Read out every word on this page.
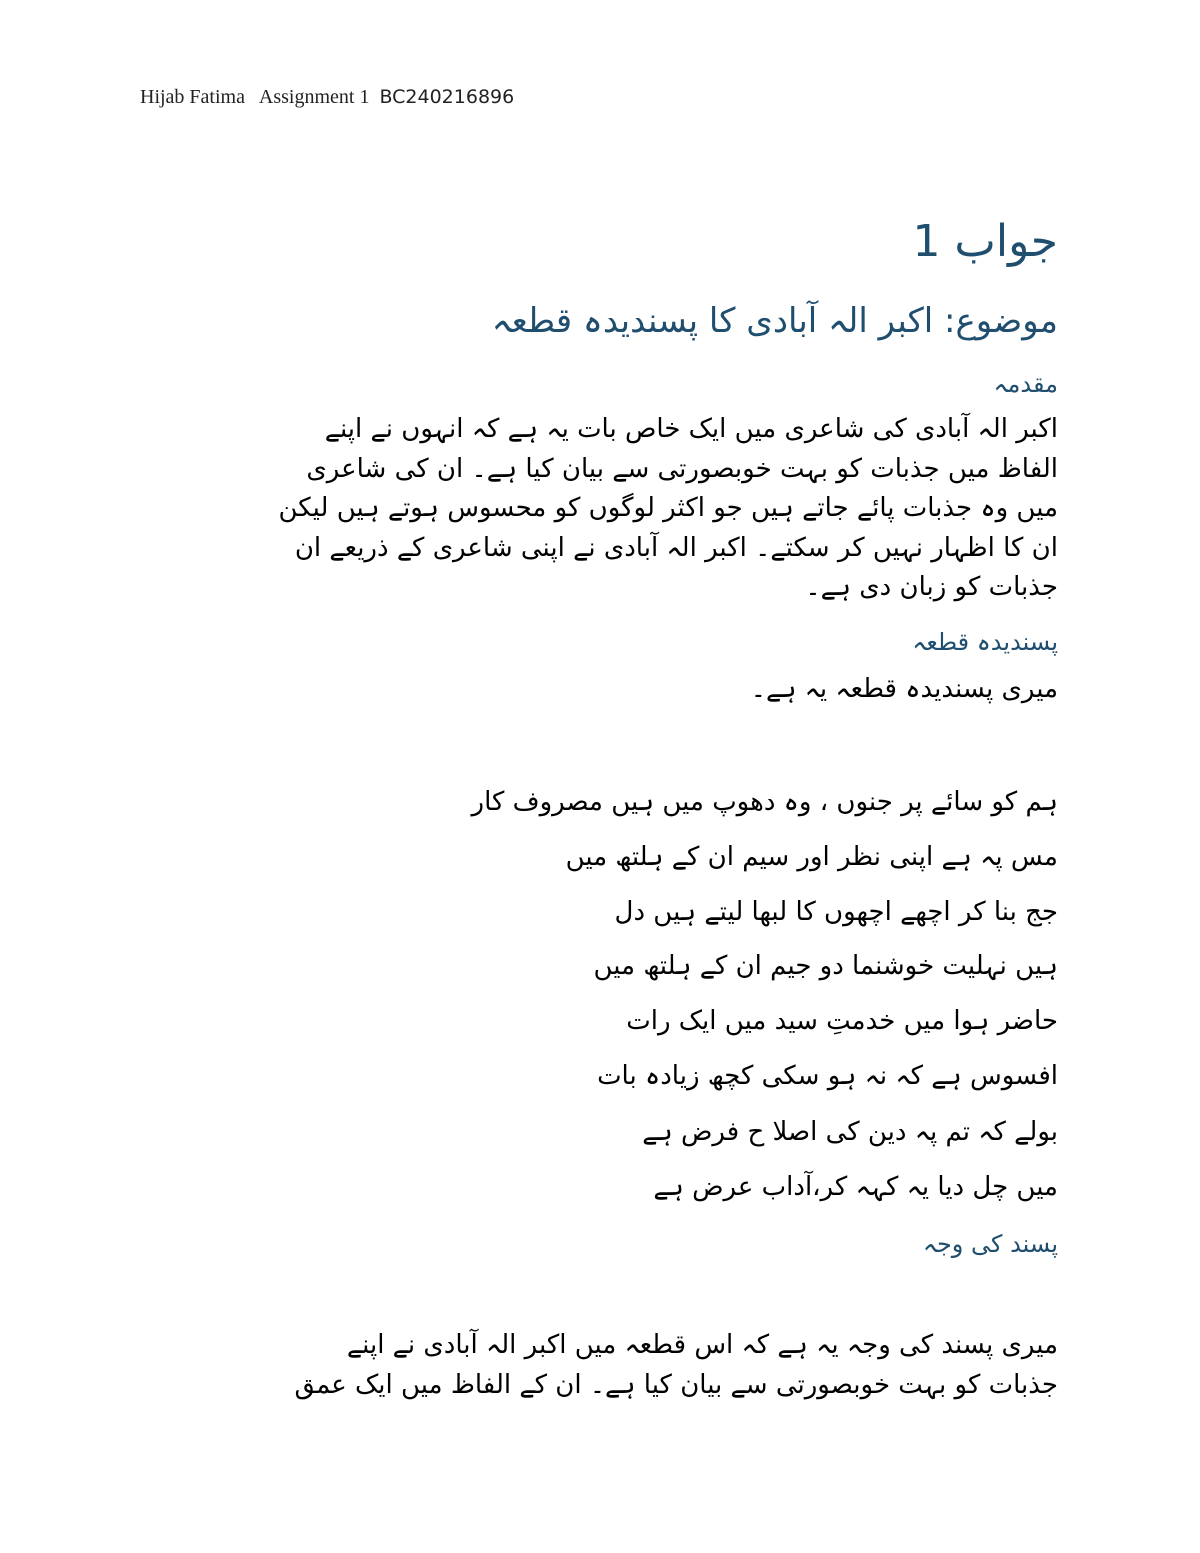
Hijab Fatima Assignment 1 BC240216896
جواب 1
موضوع: اکبر الہ آبادی کا پسندیدہ قطعہ
مقدمہ
اکبر الہ آبادی کی شاعری میں ایک خاص بات یہ ہے کہ انہوں نے اپنے
الفاظ میں جذبات کو بہت خوبصورتی سے بیان کیا ہے۔ ان کی شاعری
میں وہ جذبات پائے جاتے ہیں جو اکثر لوگوں کو محسوس ہوتے ہیں لیکن
ان کا اظہار نہیں کر سکتے۔ اکبر الہ آبادی نے اپنی شاعری کے ذریعے ان
جذبات کو زبان دی ہے۔
پسندیدہ قطعہ
میری پسندیدہ قطعہ یہ ہے۔
ہم کو سائے پر جنوں ، وہ دھوپ میں ہیں مصروف کار
مس پہ ہے اپنی نظر اور سیم ان کے ہلتھ میں
جج بنا کر اچھے اچھوں کا لبھا لیتے ہیں دل
ہیں نہلیت خوشنما دو جیم ان کے ہلتھ میں
حاضر ہوا میں خدمتِ سید میں ایک رات
افسوس ہے کہ نہ ہو سکی کچھ زیادہ بات
بولے کہ تم پہ دین کی اصلا ح فرض ہے
میں چل دیا یہ کہہ کر،آداب عرض ہے
پسند کی وجہ
میری پسند کی وجہ یہ ہے کہ اس قطعہ میں اکبر الہ آبادی نے اپنے
جذبات کو بہت خوبصورتی سے بیان کیا ہے۔ ان کے الفاظ میں ایک عمق
